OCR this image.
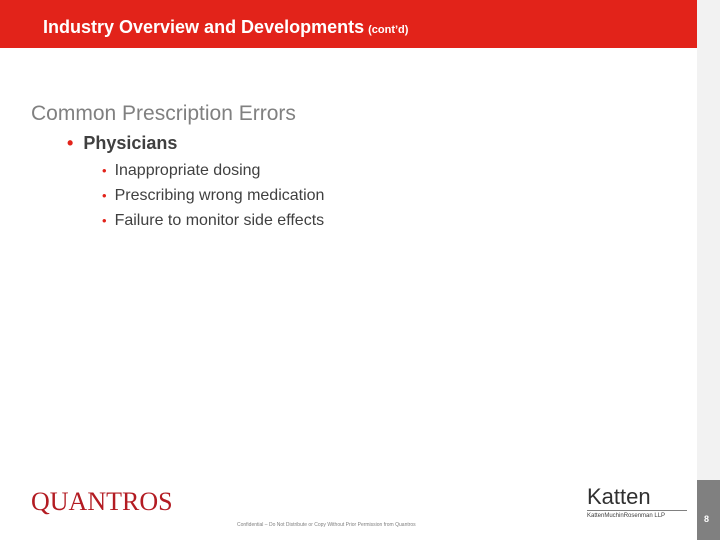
Industry Overview and Developments (cont’d)
8
Common Prescription Errors
• Physicians
• Inappropriate dosing
• Prescribing wrong medication
• Failure to monitor side effects
QUANTROS
Confidential – Do Not Distribute or Copy Without Prior Permission from Quantros
Katten
KattenMuchinRosenman LLP
